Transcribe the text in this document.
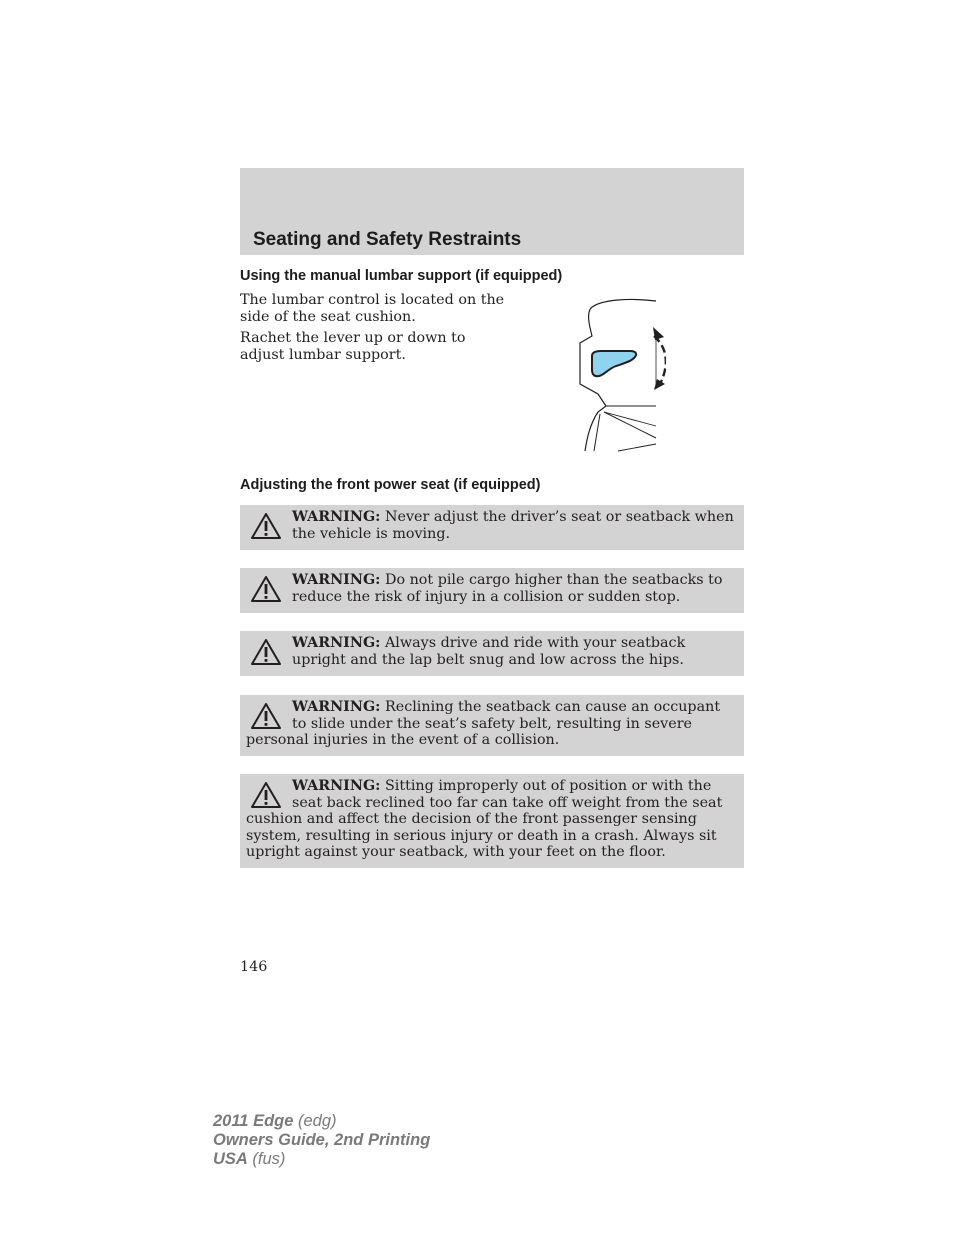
Seating and Safety Restraints
Using the manual lumbar support (if equipped)

The lumbar control is located on the side of the seat cushion.

Rachet the lever up or down to adjust lumbar support.

Adjusting the front power seat (if equipped)
WARNING: Never adjust the driver’s seat or seatback when the vehicle is moving.
WARNING: Do not pile cargo higher than the seatbacks to reduce the risk of injury in a collision or sudden stop.
WARNING: Always drive and ride with your seatback upright and the lap belt snug and low across the hips.
WARNING: Reclining the seatback can cause an occupant to slide under the seat’s safety belt, resulting in severe personal injuries in the event of a collision.
WARNING: Sitting improperly out of position or with the seat back reclined too far can take off weight from the seat cushion and affect the decision of the front passenger sensing system, resulting in serious injury or death in a crash. Always sit upright against your seatback, with your feet on the floor.
146
2011 Edge (edg)
Owners Guide, 2nd Printing
USA (fus)
